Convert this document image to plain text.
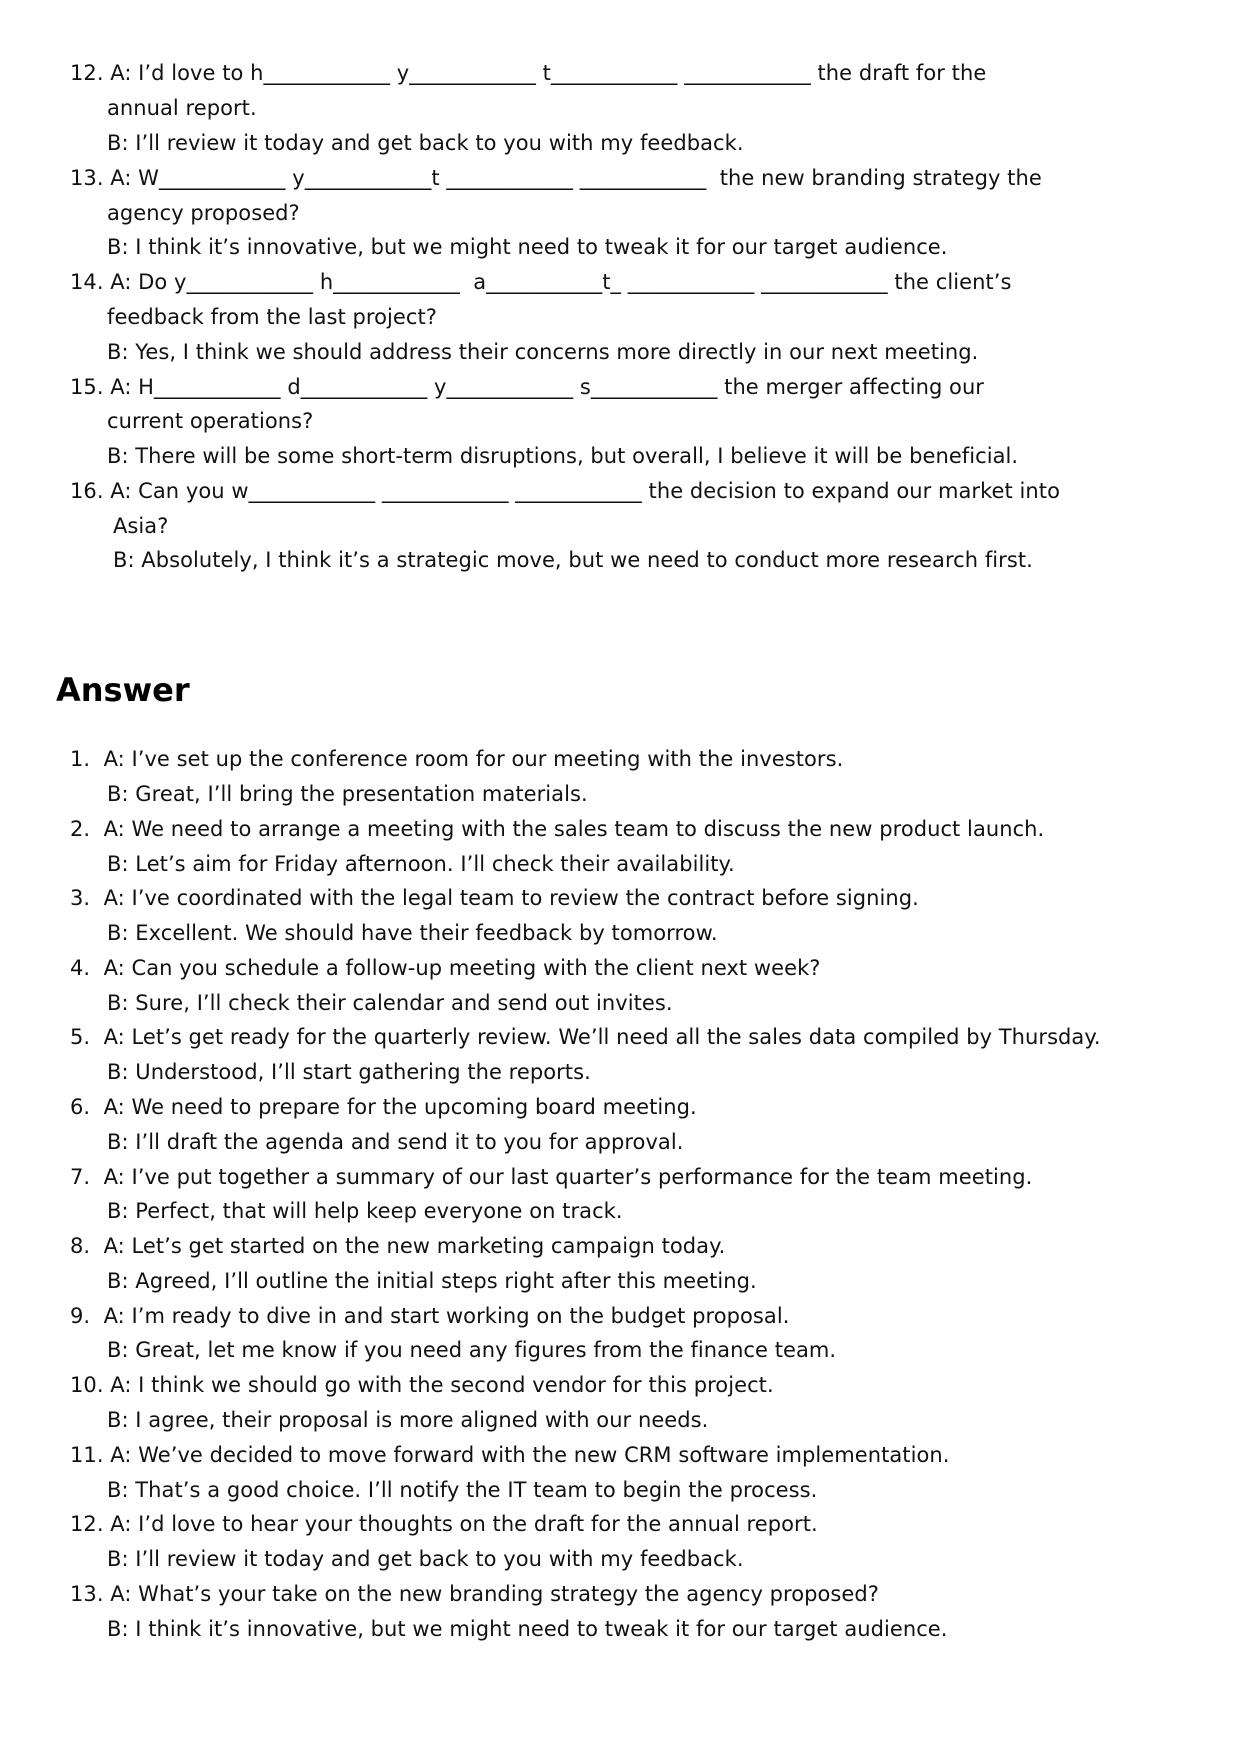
12. A: I’d love to h____________ y____________ t____________ ____________ the draft for the
annual report.
B: I’ll review it today and get back to you with my feedback.
13. A: W____________ y____________t ____________ ____________  the new branding strategy the
agency proposed?
B: I think it’s innovative, but we might need to tweak it for our target audience.
14. A: Do y____________ h____________  a___________t_ ____________ ____________ the client’s
feedback from the last project?
B: Yes, I think we should address their concerns more directly in our next meeting.
15. A: H____________ d____________ y____________ s____________ the merger affecting our
current operations?
B: There will be some short-term disruptions, but overall, I believe it will be beneficial.
16. A: Can you w____________ ____________ ____________ the decision to expand our market into
Asia?
B: Absolutely, I think it’s a strategic move, but we need to conduct more research first.
Answer
1.  A: I’ve set up the conference room for our meeting with the investors.
B: Great, I’ll bring the presentation materials.
2.  A: We need to arrange a meeting with the sales team to discuss the new product launch.
B: Let’s aim for Friday afternoon. I’ll check their availability.
3.  A: I’ve coordinated with the legal team to review the contract before signing.
B: Excellent. We should have their feedback by tomorrow.
4.  A: Can you schedule a follow-up meeting with the client next week?
B: Sure, I’ll check their calendar and send out invites.
5.  A: Let’s get ready for the quarterly review. We’ll need all the sales data compiled by Thursday.
B: Understood, I’ll start gathering the reports.
6.  A: We need to prepare for the upcoming board meeting.
B: I’ll draft the agenda and send it to you for approval.
7.  A: I’ve put together a summary of our last quarter’s performance for the team meeting.
B: Perfect, that will help keep everyone on track.
8.  A: Let’s get started on the new marketing campaign today.
B: Agreed, I’ll outline the initial steps right after this meeting.
9.  A: I’m ready to dive in and start working on the budget proposal.
B: Great, let me know if you need any figures from the finance team.
10. A: I think we should go with the second vendor for this project.
B: I agree, their proposal is more aligned with our needs.
11. A: We’ve decided to move forward with the new CRM software implementation.
B: That’s a good choice. I’ll notify the IT team to begin the process.
12. A: I’d love to hear your thoughts on the draft for the annual report.
B: I’ll review it today and get back to you with my feedback.
13. A: What’s your take on the new branding strategy the agency proposed?
B: I think it’s innovative, but we might need to tweak it for our target audience.
